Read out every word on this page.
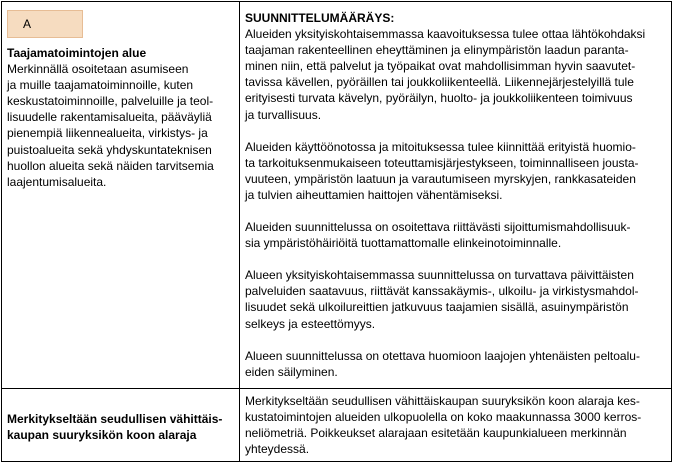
A
Taajamatoimintojen alue
Merkinnällä osoitetaan asumiseen
ja muille taajamatoiminnoille, kuten
keskustatoiminnoille, palveluille ja teol-
lisuudelle rakentamisalueita, pääväyliä
pienempiä liikennealueita, virkistys- ja
puistoalueita sekä yhdyskuntateknisen
huollon alueita sekä näiden tarvitsemia
laajentumisalueita.
SUUNNITTELUMÄÄRÄYS:
Alueiden yksityiskohtaisemmassa kaavoituksessa tulee ottaa lähtökohdaksi
taajaman rakenteellinen eheyttäminen ja elinympäristön laadun paranta-
minen niin, että palvelut ja työpaikat ovat mahdollisimman hyvin saavutet-
tavissa kävellen, pyöräillen tai joukkoliikenteellä. Liikennejärjestelyillä tule
erityisesti turvata kävelyn, pyöräilyn, huolto- ja joukkoliikenteen toimivuus
ja turvallisuus.
Alueiden käyttöönotossa ja mitoituksessa tulee kiinnittää erityistä huomio-
ta tarkoituksenmukaiseen toteuttamisjärjestykseen, toiminnalliseen jousta-
vuuteen, ympäristön laatuun ja varautumiseen myrskyjen, rankkasateiden
ja tulvien aiheuttamien haittojen vähentämiseksi.
Alueiden suunnittelussa on osoitettava riittävästi sijoittumismahdollisuuk-
sia ympäristöhäiriöitä tuottamattomalle elinkeinotoiminnalle.
Alueen yksityiskohtaisemmassa suunnittelussa on turvattava päivittäisten
palveluiden saatavuus, riittävät kanssakäymis-, ulkoilu- ja virkistysmahdol-
lisuudet sekä ulkoilureittien jatkuvuus taajamien sisällä, asuinympäristön
selkeys ja esteettömyys.
Alueen suunnittelussa on otettava huomioon laajojen yhtenäisten peltoalu-
eiden säilyminen.
Merkitykseltään seudullisen vähittäis-
kaupan suuryksikön koon alaraja
Merkitykseltään seudullisen vähittäiskaupan suuryksikön koon alaraja kes-
kustatoimintojen alueiden ulkopuolella on koko maakunnassa 3000 kerros-
neliömetriä. Poikkeukset alarajaan esitetään kaupunkialueen merkinnän
yhteydessä.
